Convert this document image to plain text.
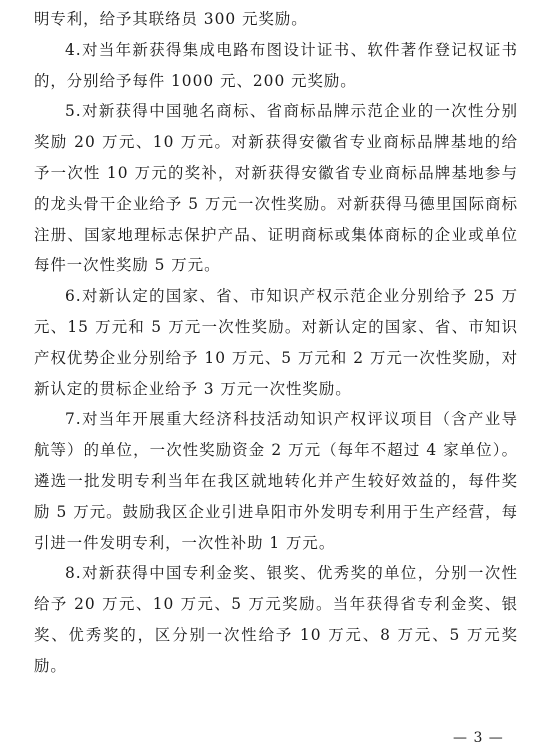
明专利，给予其联络员 300 元奖励。

4.对当年新获得集成电路布图设计证书、软件著作登记权证书的，分别给予每件 1000 元、200 元奖励。

5.对新获得中国驰名商标、省商标品牌示范企业的一次性分别奖励 20 万元、10 万元。对新获得安徽省专业商标品牌基地的给予一次性 10 万元的奖补，对新获得安徽省专业商标品牌基地参与的龙头骨干企业给予 5 万元一次性奖励。对新获得马德里国际商标注册、国家地理标志保护产品、证明商标或集体商标的企业或单位每件一次性奖励 5 万元。

6.对新认定的国家、省、市知识产权示范企业分别给予 25 万元、15 万元和 5 万元一次性奖励。对新认定的国家、省、市知识产权优势企业分别给予 10 万元、5 万元和 2 万元一次性奖励，对新认定的贯标企业给予 3 万元一次性奖励。

7.对当年开展重大经济科技活动知识产权评议项目（含产业导航等）的单位，一次性奖励资金 2 万元（每年不超过 4 家单位）。遴选一批发明专利当年在我区就地转化并产生较好效益的，每件奖励 5 万元。鼓励我区企业引进阜阳市外发明专利用于生产经营，每引进一件发明专利，一次性补助 1 万元。

8.对新获得中国专利金奖、银奖、优秀奖的单位，分别一次性给予 20 万元、10 万元、5 万元奖励。当年获得省专利金奖、银奖、优秀奖的，区分别一次性给予 10 万元、8 万元、5 万元奖励。

— 3 —
